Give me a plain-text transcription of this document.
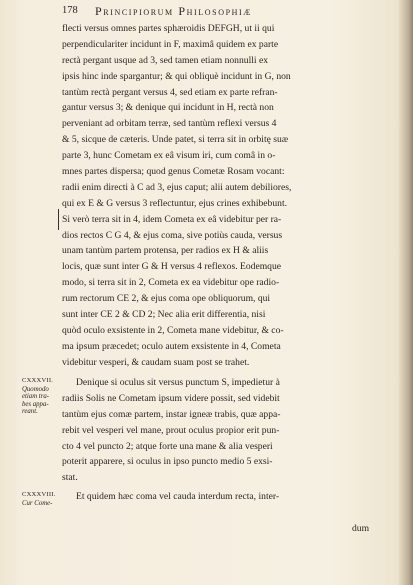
178 Principiorum Philosophiæ
flecti versus omnes partes sphæroidis DEFGH, ut ii qui
perpendiculariter incidunt in F, maximâ quidem ex parte
rectà pergant usque ad 3, sed tamen etiam nonnulli ex
ipsis hinc inde spargantur; & qui obliquè incidunt in G, non
tantùm rectà pergant versus 4, sed etiam ex parte refran-
gantur versus 3; & denique qui incidunt in H, rectà non
perveniant ad orbitam terræ, sed tantùm reflexi versus 4
& 5, sicque de cæteris. Unde patet, si terra sit in orbitę suæ
parte 3, hunc Cometam ex eâ visum iri, cum comâ in o-
mnes partes dispersa; quod genus Cometæ Rosam vocant:
radii enim directi à C ad 3, ejus caput; alii autem debiliores,
qui ex E & G versus 3 reflectuntur, ejus crines exhibebunt.
Si verò terra sit in 4, idem Cometa ex eâ videbitur per ra-
dios rectos C G 4, & ejus coma, sive potiùs cauda, versus
unam tantùm partem protensa, per radios ex H & aliis
locis, quæ sunt inter G & H versus 4 reflexos. Eodemque
modo, si terra sit in 2, Cometa ex ea videbitur ope radio-
rum rectorum CE 2, & ejus coma ope obliquorum, qui
sunt inter CE 2 & CD 2; Nec alia erit differentia, nisi
quòd oculo exsistente in 2, Cometa mane videbitur, & co-
ma ipsum præcedet; oculo autem exsistente in 4, Cometa
videbitur vesperi, & caudam suam post se trahet.
CXXXVII.
Quomodo
etiam tra-
bes appa-
reant.
Denique si oculus sit versus punctum S, impedietur à
radiis Solis ne Cometam ipsum videre possit, sed videbit
tantùm ejus comæ partem, instar igneæ trabis, quæ appa-
rebit vel vesperi vel mane, prout oculus propior erit pun-
cto 4 vel puncto 2; atque forte una mane & alia vesperi
poterit apparere, si oculus in ipso puncto medio 5 exsi-
stat.
CXXXVIII.
Cur Come-
Et quidem hæc coma vel cauda interdum recta, inter-
dum
